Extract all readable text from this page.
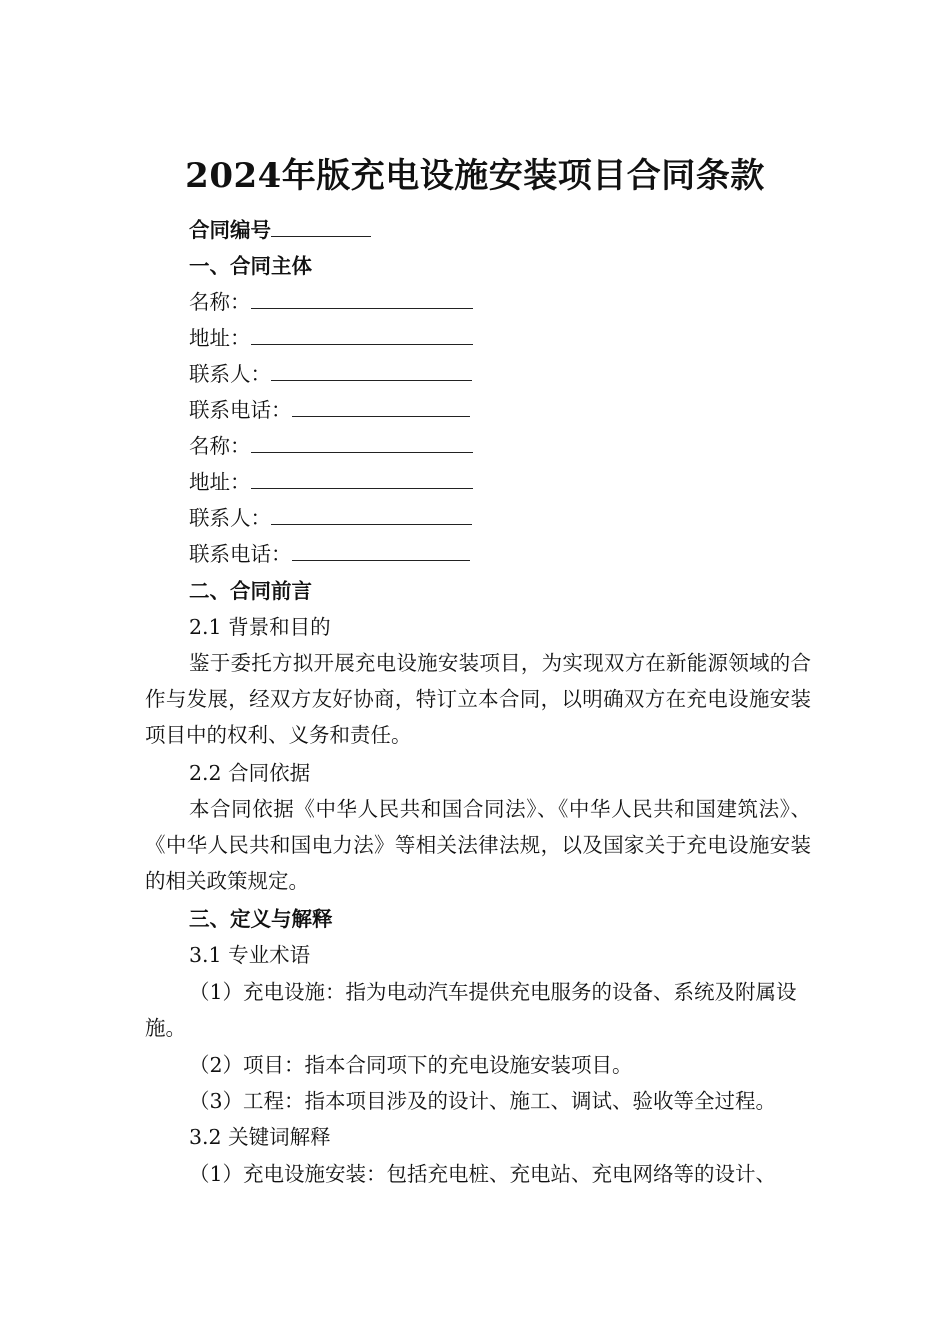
2024年版充电设施安装项目合同条款
合同编号
一、合同主体
名称：
地址：
联系人：
联系电话：
名称：
地址：
联系人：
联系电话：
二、合同前言
2.1 背景和目的

鉴于委托方拟开展充电设施安装项目，为实现双方在新能源领域的合作与发展，经双方友好协商，特订立本合同，以明确双方在充电设施安装项目中的权利、义务和责任。

2.2 合同依据

本合同依据《中华人民共和国合同法》、《中华人民共和国建筑法》、《中华人民共和国电力法》等相关法律法规，以及国家关于充电设施安装的相关政策规定。

三、定义与解释
3.1 专业术语

（1）充电设施：指为电动汽车提供充电服务的设备、系统及附属设施。

（2）项目：指本合同项下的充电设施安装项目。
（3）工程：指本项目涉及的设计、施工、调试、验收等全过程。
3.2 关键词解释
（1）充电设施安装：包括充电桩、充电站、充电网络等的设计、
